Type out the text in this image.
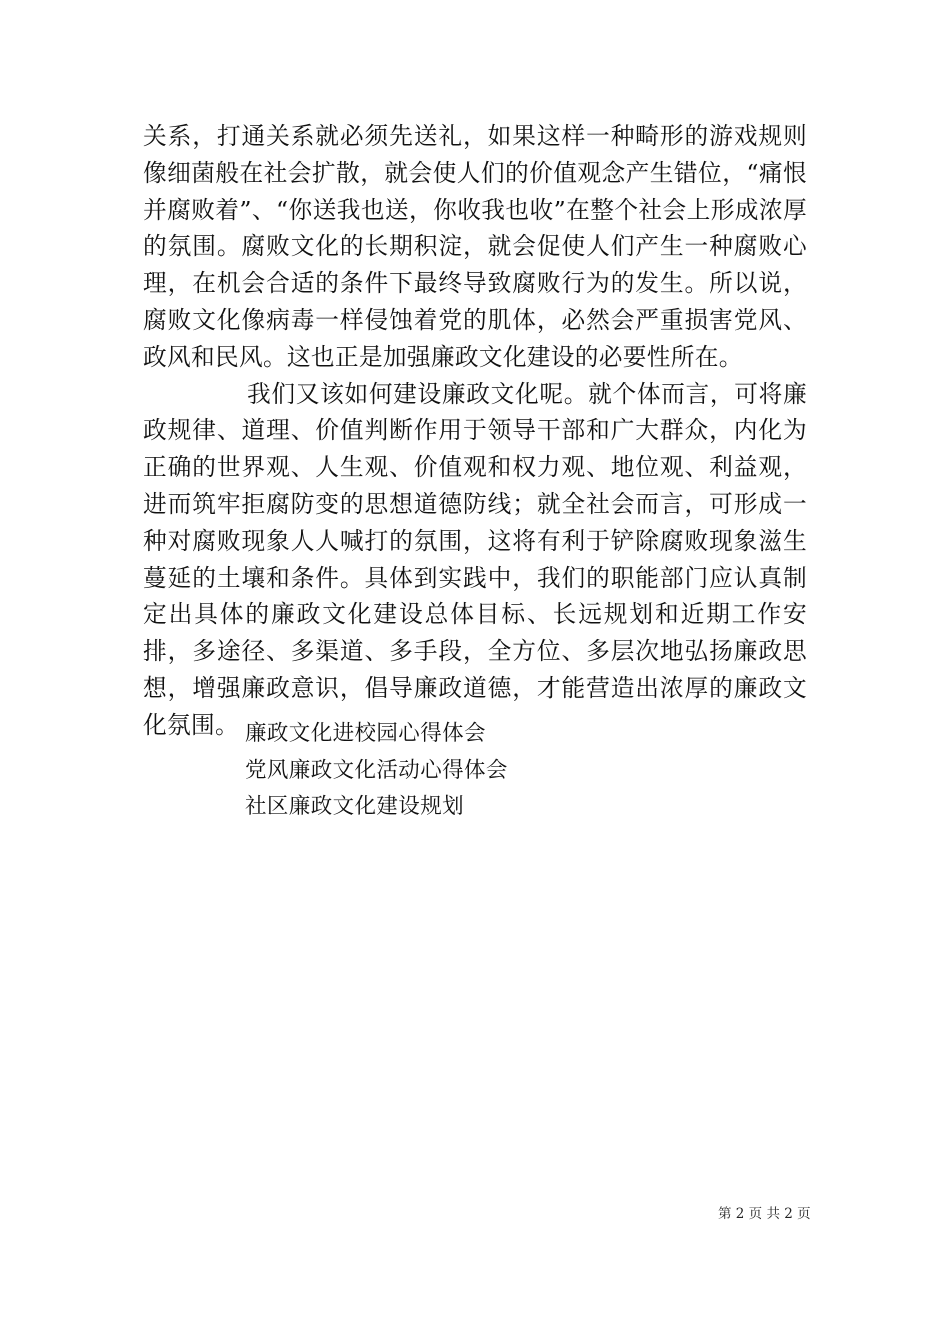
关系，打通关系就必须先送礼，如果这样一种畸形的游戏规则像细菌般在社会扩散，就会使人们的价值观念产生错位，“痛恨并腐败着”、“你送我也送，你收我也收”在整个社会上形成浓厚的氛围。腐败文化的长期积淀，就会促使人们产生一种腐败心理，在机会合适的条件下最终导致腐败行为的发生。所以说，腐败文化像病毒一样侵蚀着党的肌体，必然会严重损害党风、政风和民风。这也正是加强廉政文化建设的必要性所在。

我们又该如何建设廉政文化呢。就个体而言，可将廉政规律、道理、价值判断作用于领导干部和广大群众，内化为正确的世界观、人生观、价值观和权力观、地位观、利益观，进而筑牢拒腐防变的思想道德防线；就全社会而言，可形成一种对腐败现象人人喊打的氛围，这将有利于铲除腐败现象滋生蔓延的土壤和条件。具体到实践中，我们的职能部门应认真制定出具体的廉政文化建设总体目标、长远规划和近期工作安排，多途径、多渠道、多手段，全方位、多层次地弘扬廉政思想，增强廉政意识，倡导廉政道德，才能营造出浓厚的廉政文化氛围。 廉政文化进校园心得体会
党风廉政文化活动心得体会
社区廉政文化建设规划
第 2 页 共 2 页
